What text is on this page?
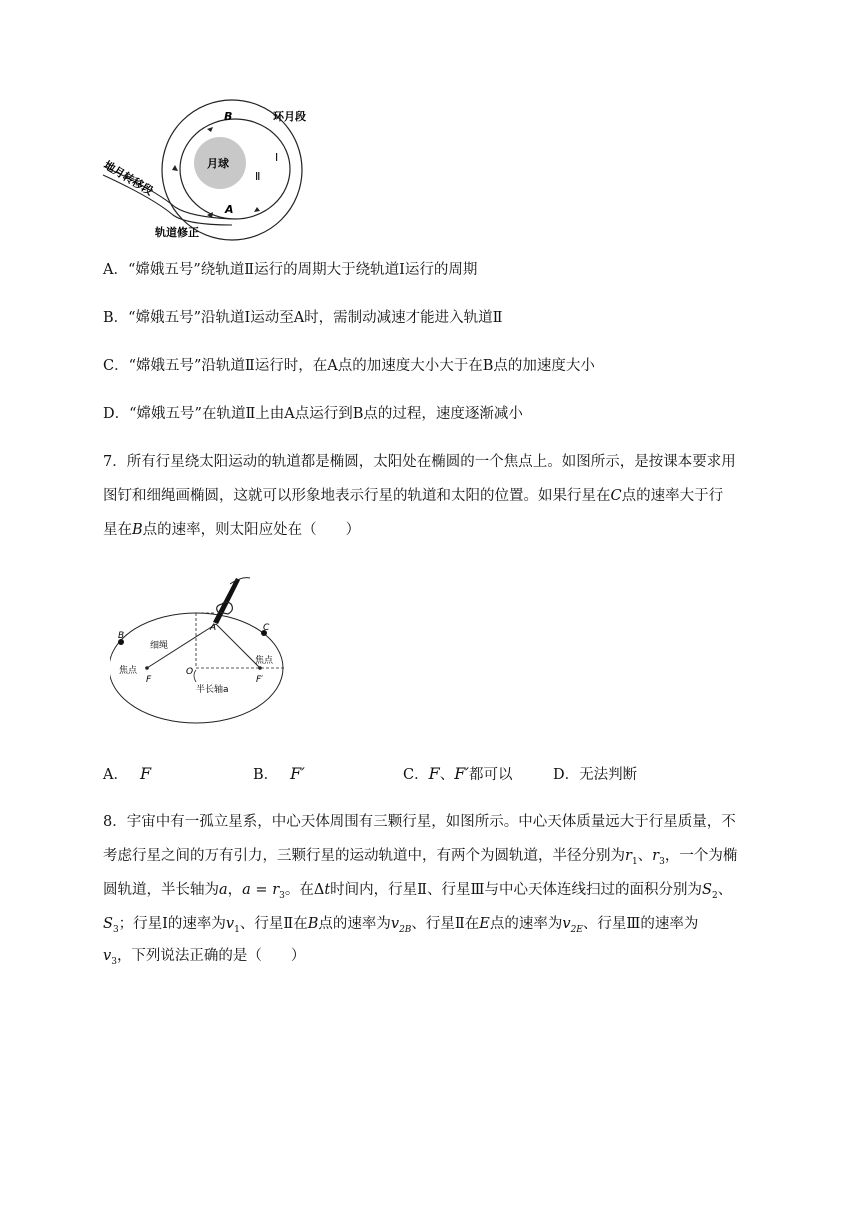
月球
B
A
Ⅰ
Ⅱ
环月段
地月转移段
轨道修正
A．“嫦娥五号”绕轨道Ⅱ运行的周期大于绕轨道Ⅰ运行的周期
B．“嫦娥五号”沿轨道Ⅰ运动至A时，需制动减速才能进入轨道Ⅱ
C．“嫦娥五号”沿轨道Ⅱ运行时，在A点的加速度大小大于在B点的加速度大小
D．“嫦娥五号”在轨道Ⅱ上由A点运行到B点的过程，速度逐渐减小
7．所有行星绕太阳运动的轨道都是椭圆，太阳处在椭圆的一个焦点上。如图所示，是按课本要求用
图钉和细绳画椭圆，这就可以形象地表示行星的轨道和太阳的位置。如果行星在C点的速率大于行
星在B点的速率，则太阳应处在（　　）
B
C
A
O
F	F′
细绳
焦点
焦点
半长轴a
A． F	B． F′	C．F、F′都可以	D．无法判断
8．宇宙中有一孤立星系，中心天体周围有三颗行星，如图所示。中心天体质量远大于行星质量，不
考虑行星之间的万有引力，三颗行星的运动轨道中，有两个为圆轨道，半径分别为$r_1$、$r_3$，一个为椭
圆轨道，半长轴为a，$a = r_3$。在Δt时间内，行星Ⅱ、行星Ⅲ与中心天体连线扫过的面积分别为$S_2$、
$S_3$；行星Ⅰ的速率为$v_1$、行星Ⅱ在B点的速率为$v_{2B}$、行星Ⅱ在E点的速率为$v_{2E}$、行星Ⅲ的速率为
$v_3$，下列说法正确的是（　　）
